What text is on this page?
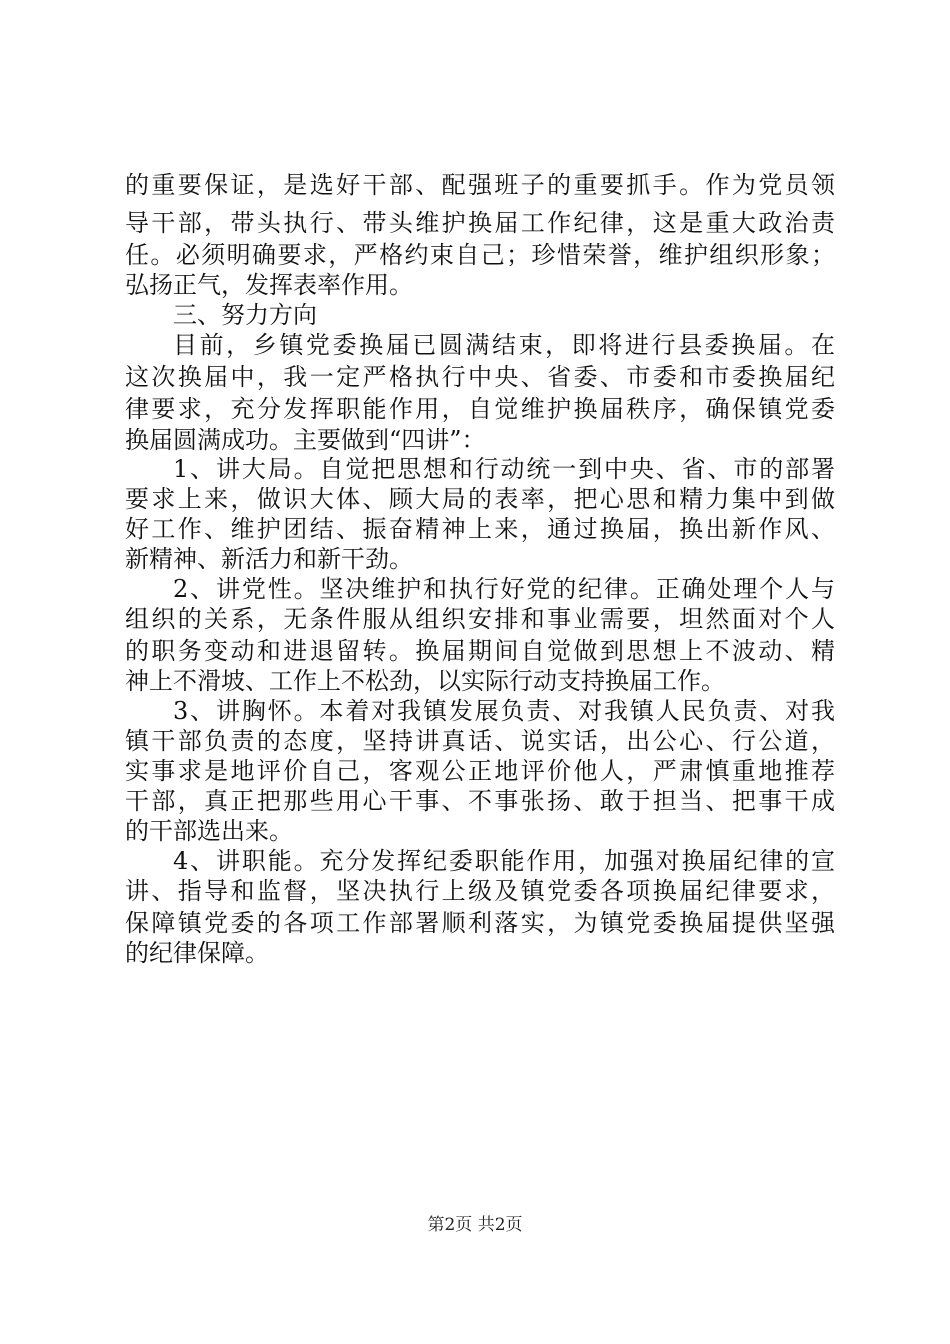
的重要保证，是选好干部、配强班子的重要抓手。作为党员领
导干部，带头执行、带头维护换届工作纪律，这是重大政治责
任。必须明确要求，严格约束自己；珍惜荣誉，维护组织形象；
弘扬正气，发挥表率作用。
三、努力方向
目前，乡镇党委换届已圆满结束，即将进行县委换届。在
这次换届中，我一定严格执行中央、省委、市委和市委换届纪
律要求，充分发挥职能作用，自觉维护换届秩序，确保镇党委
换届圆满成功。主要做到“四讲”：
1、讲大局。自觉把思想和行动统一到中央、省、市的部署
要求上来，做识大体、顾大局的表率，把心思和精力集中到做
好工作、维护团结、振奋精神上来，通过换届，换出新作风、
新精神、新活力和新干劲。
2、讲党性。坚决维护和执行好党的纪律。正确处理个人与
组织的关系，无条件服从组织安排和事业需要，坦然面对个人
的职务变动和进退留转。换届期间自觉做到思想上不波动、精
神上不滑坡、工作上不松劲，以实际行动支持换届工作。
3、讲胸怀。本着对我镇发展负责、对我镇人民负责、对我
镇干部负责的态度，坚持讲真话、说实话，出公心、行公道，
实事求是地评价自己，客观公正地评价他人，严肃慎重地推荐
干部，真正把那些用心干事、不事张扬、敢于担当、把事干成
的干部选出来。
4、讲职能。充分发挥纪委职能作用，加强对换届纪律的宣
讲、指导和监督，坚决执行上级及镇党委各项换届纪律要求，
保障镇党委的各项工作部署顺利落实，为镇党委换届提供坚强
的纪律保障。
第2页 共2页
